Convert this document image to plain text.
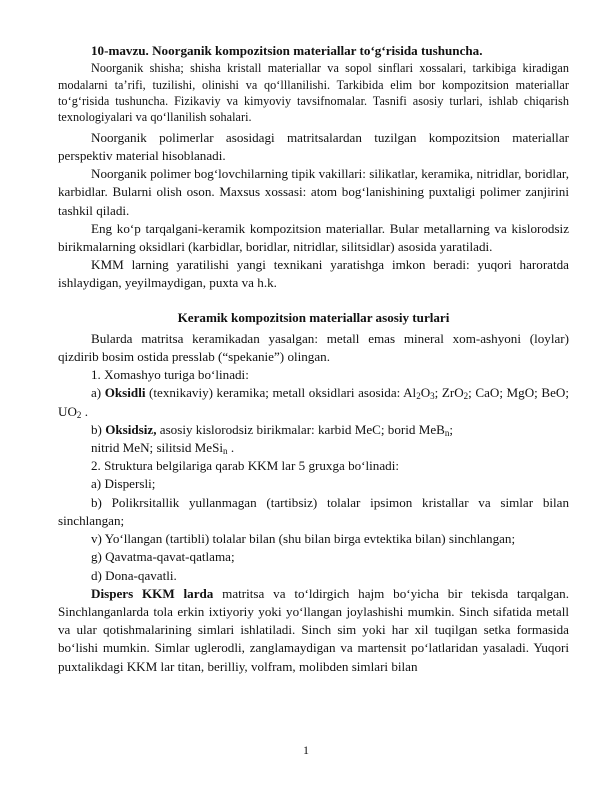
10-mavzu. Noorganik kompozitsion materiallar to‘g‘risida tushuncha.

Noorganik shisha; shisha kristall materiallar va sopol sinflari xossalari, tarkibiga kiradigan modalarni ta’rifi, tuzilishi, olinishi va qo‘lllanilishi. Tarkibida elim bor kompozitsion materiallar to‘g‘risida tushuncha. Fizikaviy va kimyoviy tavsifnomalar. Tasnifi asosiy turlari, ishlab chiqarish texnologiyalari va qo‘llanilish sohalari.

Noorganik polimerlar asosidagi matritsalardan tuzilgan kompozitsion materiallar perspektiv material hisoblanadi.

Noorganik polimer bog‘lovchilarning tipik vakillari: silikatlar, keramika, nitridlar, boridlar, karbidlar. Bularni olish oson. Maxsus xossasi: atom bog‘lanishining puxtaligi polimer zanjirini tashkil qiladi.

Eng ko‘p tarqalgani-keramik kompozitsion materiallar. Bular metallarning va kislorodsiz birikmalarning oksidlari (karbidlar, boridlar, nitridlar, silitsidlar) asosida yaratiladi.

KMM larning yaratilishi yangi texnikani yaratishga imkon beradi: yuqori haroratda ishlaydigan, yeyilmaydigan, puxta va h.k.

Keramik kompozitsion materiallar asosiy turlari

Bularda matritsa keramikadan yasalgan: metall emas mineral xom-ashyoni (loylar) qizdirib bosim ostida presslab (“spekanie”) olingan.

1. Xomashyo turiga bo‘linadi:

a) Oksidli (texnikaviy) keramika; metall oksidlari asosida: $Al_2O_3$; ZrO$_2$; CaO; MgO; BeO; $UO_2$ .

b) Oksidsiz, asosiy kislorodsiz birikmalar: karbid MeC; borid MeB$_n$;

nitrid MeN; silitsid MeSi$_n$ .

2. Struktura belgilariga qarab KKM lar 5 gruxga bo‘linadi:

a) Dispersli;

b) Polikrsitallik yullanmagan (tartibsiz) tolalar ipsimon kristallar va simlar bilan sinchlangan;

v) Yo‘llangan (tartibli) tolalar bilan (shu bilan birga evtektika bilan) sinchlangan;

g) Qavatma-qavat-qatlama;

d) Dona-qavatli.

Dispers KKM larda matritsa va to‘ldirgich hajm bo‘yicha bir tekisda tarqalgan. Sinchlanganlarda tola erkin ixtiyoriy yoki yo‘llangan joylashishi mumkin. Sinch sifatida metall va ular qotishmalarining simlari ishlatiladi. Sinch sim yoki har xil tuqilgan setka formasida bo‘lishi mumkin. Simlar uglerodli, zanglamaydigan va martensit po‘latlaridan yasaladi. Yuqori puxtalikdagi KKM lar titan, berilliy, volfram, molibden simlari bilan

1
